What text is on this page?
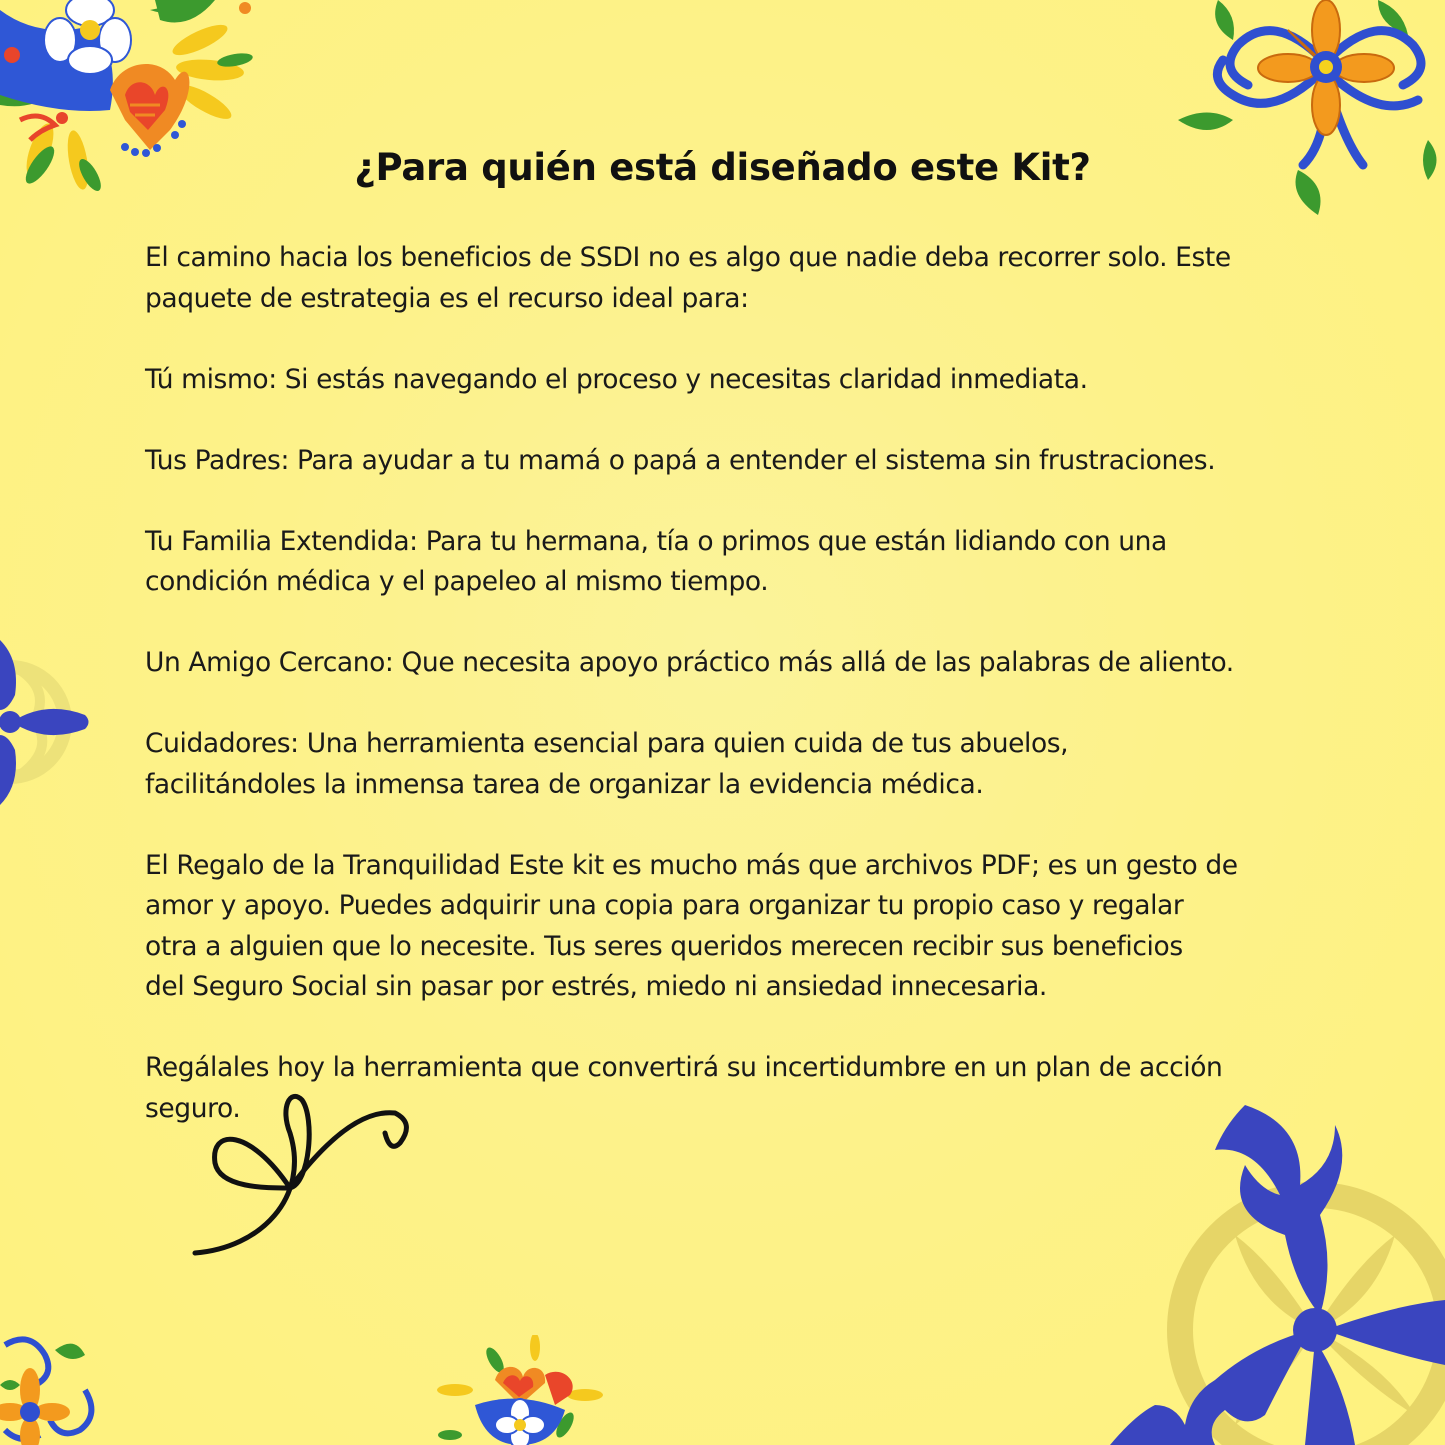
¿Para quién está diseñado este Kit?

El camino hacia los beneficios de SSDI no es algo que nadie deba recorrer solo. Este
paquete de estrategia es el recurso ideal para:

Tú mismo: Si estás navegando el proceso y necesitas claridad inmediata.

Tus Padres: Para ayudar a tu mamá o papá a entender el sistema sin frustraciones.

Tu Familia Extendida: Para tu hermana, tía o primos que están lidiando con una
condición médica y el papeleo al mismo tiempo.

Un Amigo Cercano: Que necesita apoyo práctico más allá de las palabras de aliento.

Cuidadores: Una herramienta esencial para quien cuida de tus abuelos,
facilitándoles la inmensa tarea de organizar la evidencia médica.

El Regalo de la Tranquilidad Este kit es mucho más que archivos PDF; es un gesto de
amor y apoyo. Puedes adquirir una copia para organizar tu propio caso y regalar
otra a alguien que lo necesite. Tus seres queridos merecen recibir sus beneficios
del Seguro Social sin pasar por estrés, miedo ni ansiedad innecesaria.

Regálales hoy la herramienta que convertirá su incertidumbre en un plan de acción
seguro.
